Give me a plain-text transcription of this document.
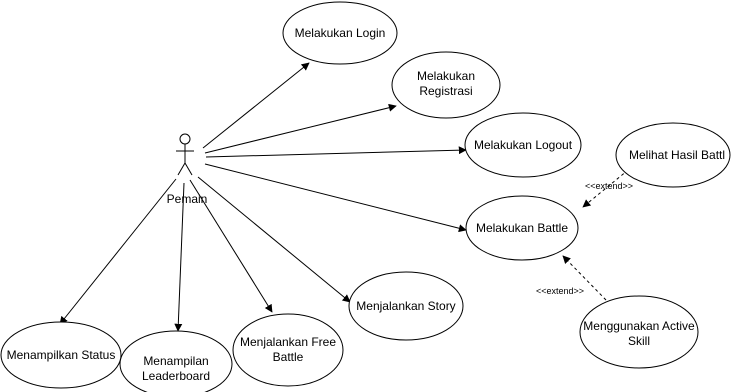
Pemain
<<extend>>
<<extend>>
Melakukan Login
Melakukan
Registrasi
Melakukan Logout
Melihat Hasil Battl
Melakukan Battle
Menggunakan Active
Skill
Menjalankan Story
Menjalankan Free
Battle
Menampilan
Leaderboard
Menampilkan Status
